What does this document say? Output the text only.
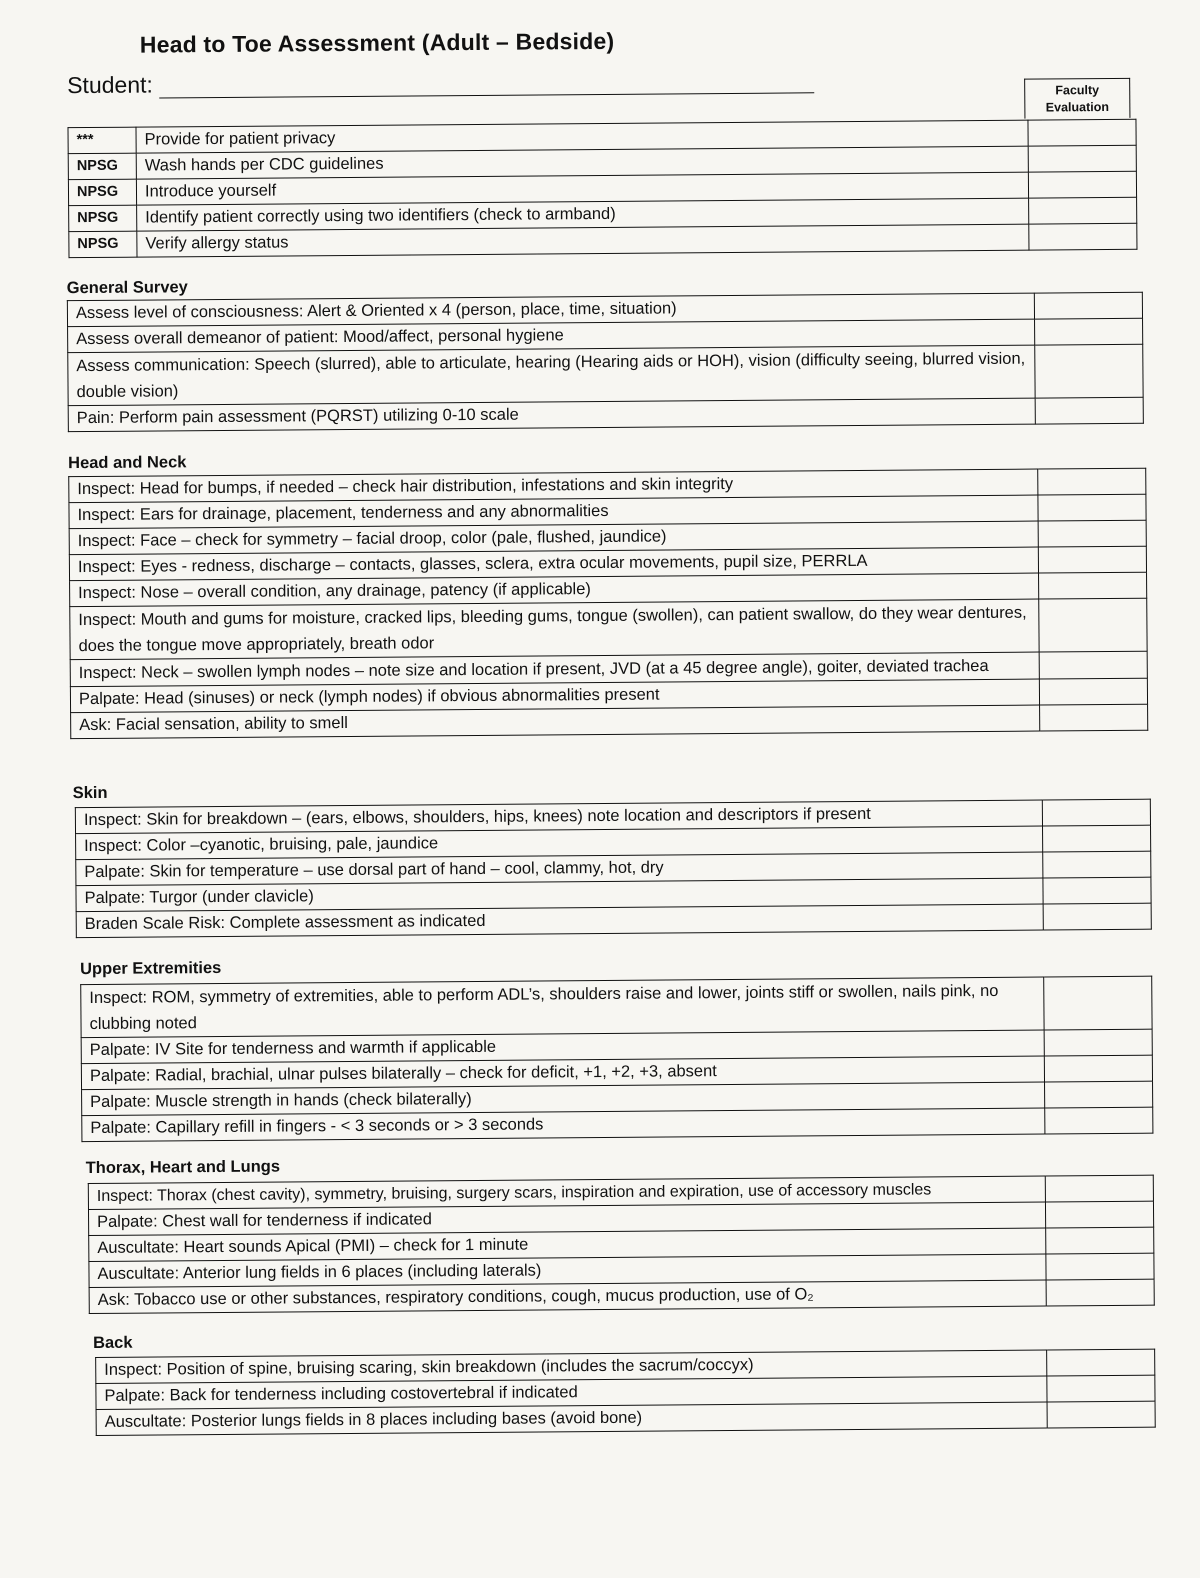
Head to Toe Assessment (Adult – Bedside)
Student:	Faculty
Evaluation
***	Provide for patient privacy	
NPSG	Wash hands per CDC guidelines	
NPSG	Introduce yourself	
NPSG	Identify patient correctly using two identifiers (check to armband)	
NPSG	Verify allergy status	
General Survey
Assess level of consciousness: Alert & Oriented x 4 (person, place, time, situation)	
Assess overall demeanor of patient: Mood/affect, personal hygiene	
Assess communication: Speech (slurred), able to articulate, hearing (Hearing aids or HOH), vision (difficulty seeing, blurred vision, double vision)	
Pain: Perform pain assessment (PQRST) utilizing 0-10 scale	
Head and Neck
Inspect: Head for bumps, if needed – check hair distribution, infestations and skin integrity	
Inspect: Ears for drainage, placement, tenderness and any abnormalities	
Inspect: Face – check for symmetry – facial droop, color (pale, flushed, jaundice)	
Inspect: Eyes - redness, discharge – contacts, glasses, sclera, extra ocular movements, pupil size, PERRLA	
Inspect: Nose – overall condition, any drainage, patency (if applicable)	
Inspect: Mouth and gums for moisture, cracked lips, bleeding gums, tongue (swollen), can patient swallow, do they wear dentures, does the tongue move appropriately, breath odor	
Inspect: Neck – swollen lymph nodes – note size and location if present, JVD (at a 45 degree angle), goiter, deviated trachea	
Palpate: Head (sinuses) or neck (lymph nodes) if obvious abnormalities present	
Ask: Facial sensation, ability to smell	
Skin
Inspect: Skin for breakdown – (ears, elbows, shoulders, hips, knees) note location and descriptors if present	
Inspect: Color –cyanotic, bruising, pale, jaundice	
Palpate: Skin for temperature – use dorsal part of hand – cool, clammy, hot, dry	
Palpate: Turgor (under clavicle)	
Braden Scale Risk: Complete assessment as indicated	
Upper Extremities
Inspect: ROM, symmetry of extremities, able to perform ADL’s, shoulders raise and lower, joints stiff or swollen, nails pink, no clubbing noted	
Palpate: IV Site for tenderness and warmth if applicable	
Palpate: Radial, brachial, ulnar pulses bilaterally – check for deficit, +1, +2, +3, absent	
Palpate: Muscle strength in hands (check bilaterally)	
Palpate: Capillary refill in fingers - < 3 seconds or > 3 seconds	
Thorax, Heart and Lungs
Inspect: Thorax (chest cavity), symmetry, bruising, surgery scars, inspiration and expiration, use of accessory muscles	
Palpate: Chest wall for tenderness if indicated	
Auscultate: Heart sounds Apical (PMI) – check for 1 minute	
Auscultate: Anterior lung fields in 6 places (including laterals)	
Ask: Tobacco use or other substances, respiratory conditions, cough, mucus production, use of O₂	
Back
Inspect: Position of spine, bruising scaring, skin breakdown (includes the sacrum/coccyx)	
Palpate: Back for tenderness including costovertebral if indicated	
Auscultate: Posterior lungs fields in 8 places including bases (avoid bone)	
